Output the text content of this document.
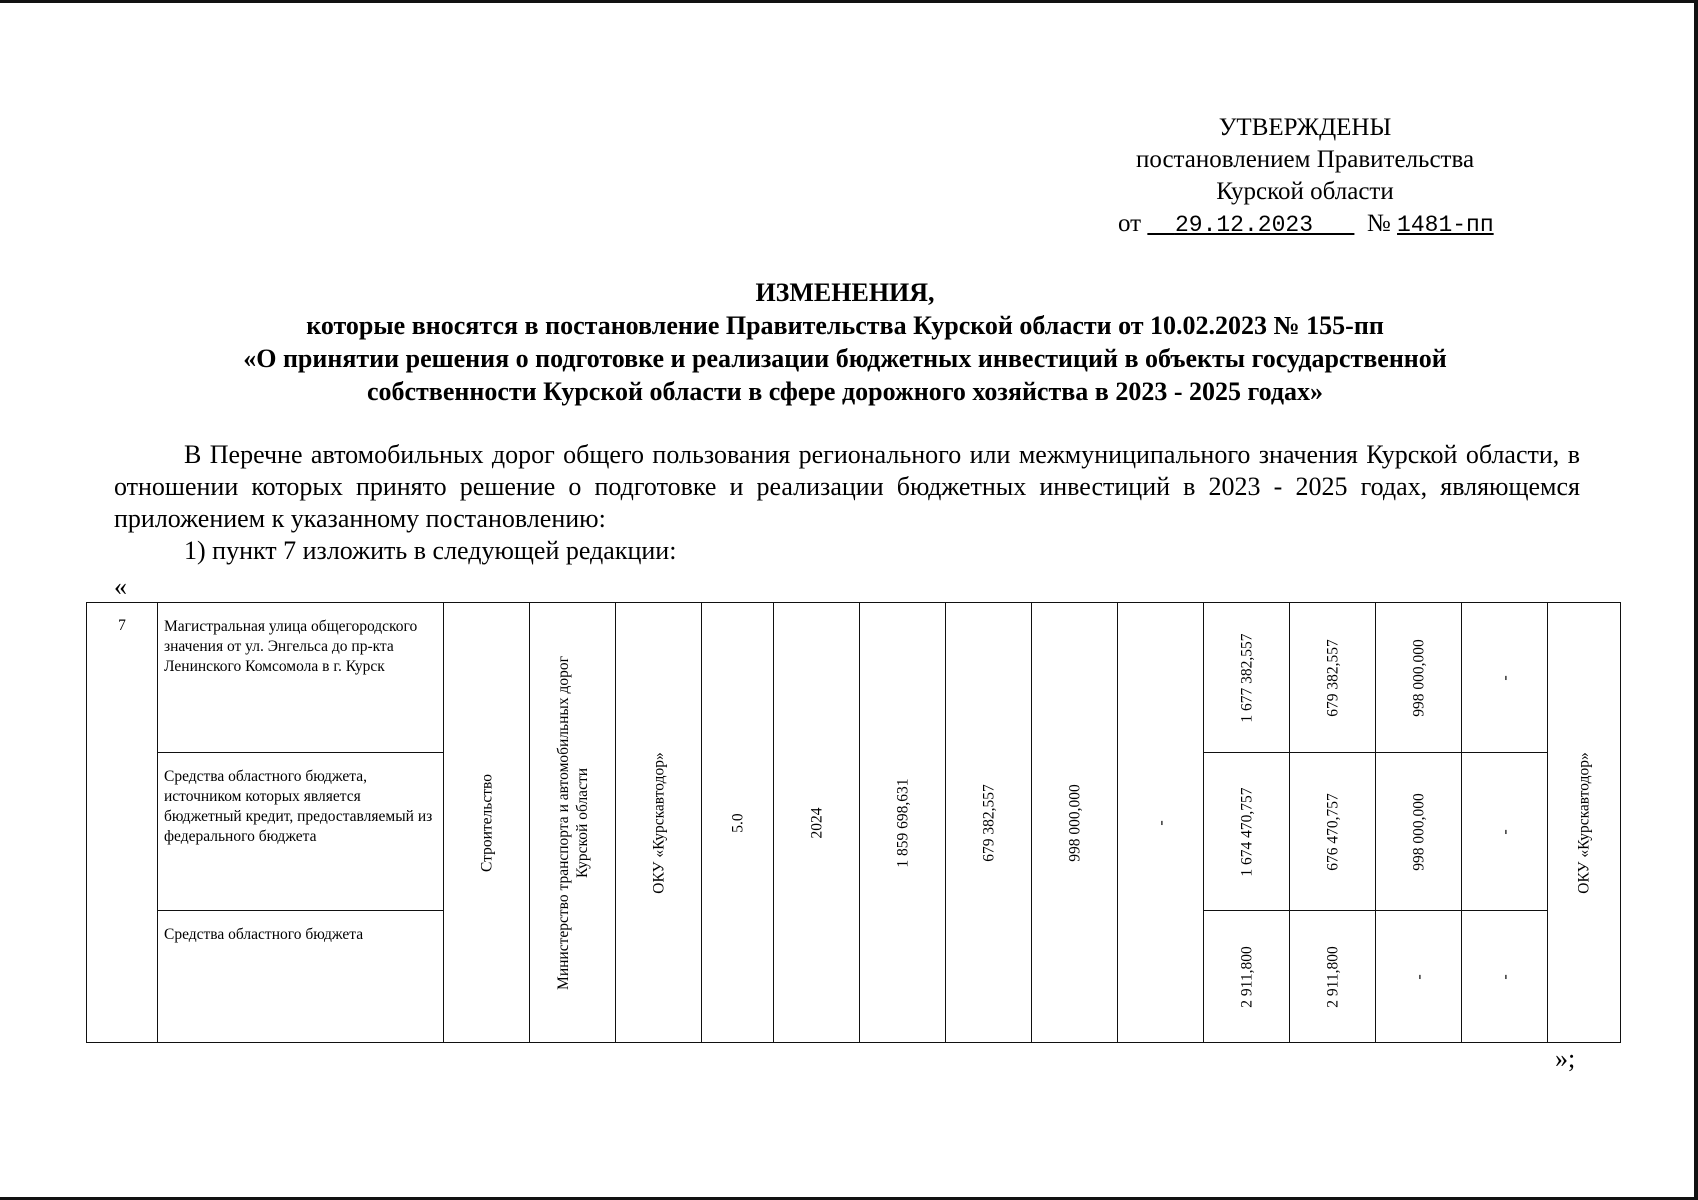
УТВЕРЖДЕНЫ
постановлением Правительства
Курской области
от 29.12.2023 № 1481-пп
ИЗМЕНЕНИЯ,
которые вносятся в постановление Правительства Курской области от 10.02.2023 № 155-пп
«О принятии решения о подготовке и реализации бюджетных инвестиций в объекты государственной
собственности Курской области в сфере дорожного хозяйства в 2023 - 2025 годах»

В Перечне автомобильных дорог общего пользования регионального или межмуниципального значения Курской области, в отношении которых принято решение о подготовке и реализации бюджетных инвестиций в 2023 - 2025 годах, являющемся приложением к указанному постановлению:

1) пункт 7 изложить в следующей редакции:

«
7	Магистральная улица общегородского значения от ул. Энгельса до пр-кта Ленинского Комсомола в г. Курск	Строительство	Министерство транспорта и автомобильных дорог Курской области	ОКУ «Курскавтодор»	5.0	2024	1 859 698,631	679 382,557	998 000,000	-	1 677 382,557	679 382,557	998 000,000	-	ОКУ «Курскавтодор»

	Средства областного бюджета, источником которых является бюджетный кредит, предоставляемый из федерального бюджета										1 674 470,757	676 470,757	998 000,000	-	

	Средства областного бюджета										2 911,800	2 911,800	-	-	
»;
